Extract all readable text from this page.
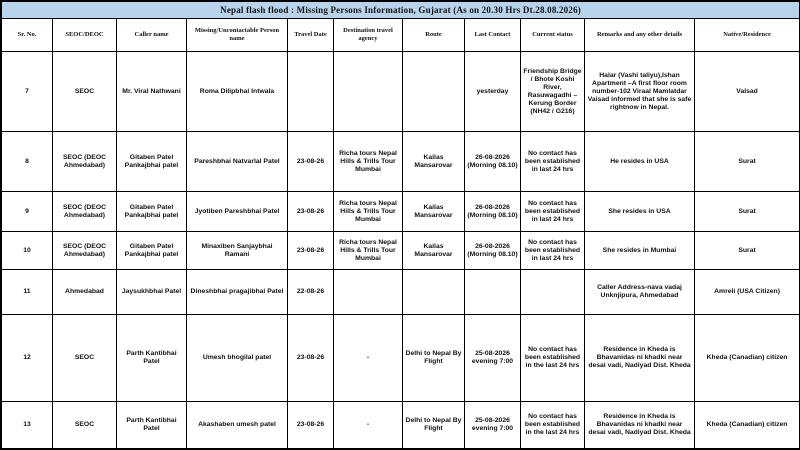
Nepal flash flood : Missing Persons Information, Gujarat (As on 20.30 Hrs Dt.28.08.2026)										
Sr. No.	SEOC/DEOC	Caller name	Missing/Uncontactable Person name	Travel Date	Destination travel agency	Route	Last Contact	Current status	Remarks and any other details	Native/Residence
7	SEOC	Mr. Viral Nathwani	Roma Dilipbhai Intwala				yesterday	Friendship Bridge / Bhote Koshi River, Rasuwagadhi –Kerung Border (NH42 / G216)	Halar (Vashi taliyu),Ishan Apartment –A first floor room number-102 Viraal Mamlatdar Vaisad informed that she is safe rightnow in Nepal.	Valsad
8	SEOC (DEOC Ahmedabad)	Gitaben Patel Pankajbhai patel	Pareshbhai Natvarlal Patel	23-08-26	Richa tours Nepal Hills & Trills Tour Mumbai	Kailas Mansarovar	26-08-2026 (Morning 08.10)	No contact has been established in last 24 hrs	He resides in USA	Surat
9	SEOC (DEOC Ahmedabad)	Gitaben Patel Pankajbhai patel	Jyotiben Pareshbhai Patel	23-08-26	Richa tours Nepal Hills & Trills Tour Mumbai	Kailas Mansarovar	26-08-2026 (Morning 08.10)	No contact has been established in last 24 hrs	She resides in USA	Surat
10	SEOC (DEOC Ahmedabad)	Gitaben Patel Pankajbhai patel	Minaxiben Sanjaybhai Ramani	23-08-26	Richa tours Nepal Hills & Trills Tour Mumbai	Kailas Mansarovar	26-08-2026 (Morning 08.10)	No contact has been established in last 24 hrs	She resides in Mumbai	Surat
11	Ahmedabad	Jaysukhbhai Patel	Dineshbhai pragajibhai Patel	22-08-26					Caller Address-nava vadaj Unknjipura, Ahmedabad	Amreli (USA Citizen)
12	SEOC	Parth Kantibhai Patel	Umesh bhogilal patel	23-08-26	-	Delhi to Nepal By Flight	25-08-2026 evening 7:00	No contact has been established in the last 24 hrs	Residence in Kheda is Bhavanidas ni khadki near desai vadi, Nadiyad Dist. Kheda	Kheda (Canadian) citizen
13	SEOC	Parth Kantibhai Patel	Akashaben umesh patel	23-08-26	-	Delhi to Nepal By Flight	25-08-2026 evening 7:00	No contact has been established in the last 24 hrs	Residence in Kheda is Bhavanidas ni khadki near desai vadi, Nadiyad Dist. Kheda	Kheda (Canadian) citizen
